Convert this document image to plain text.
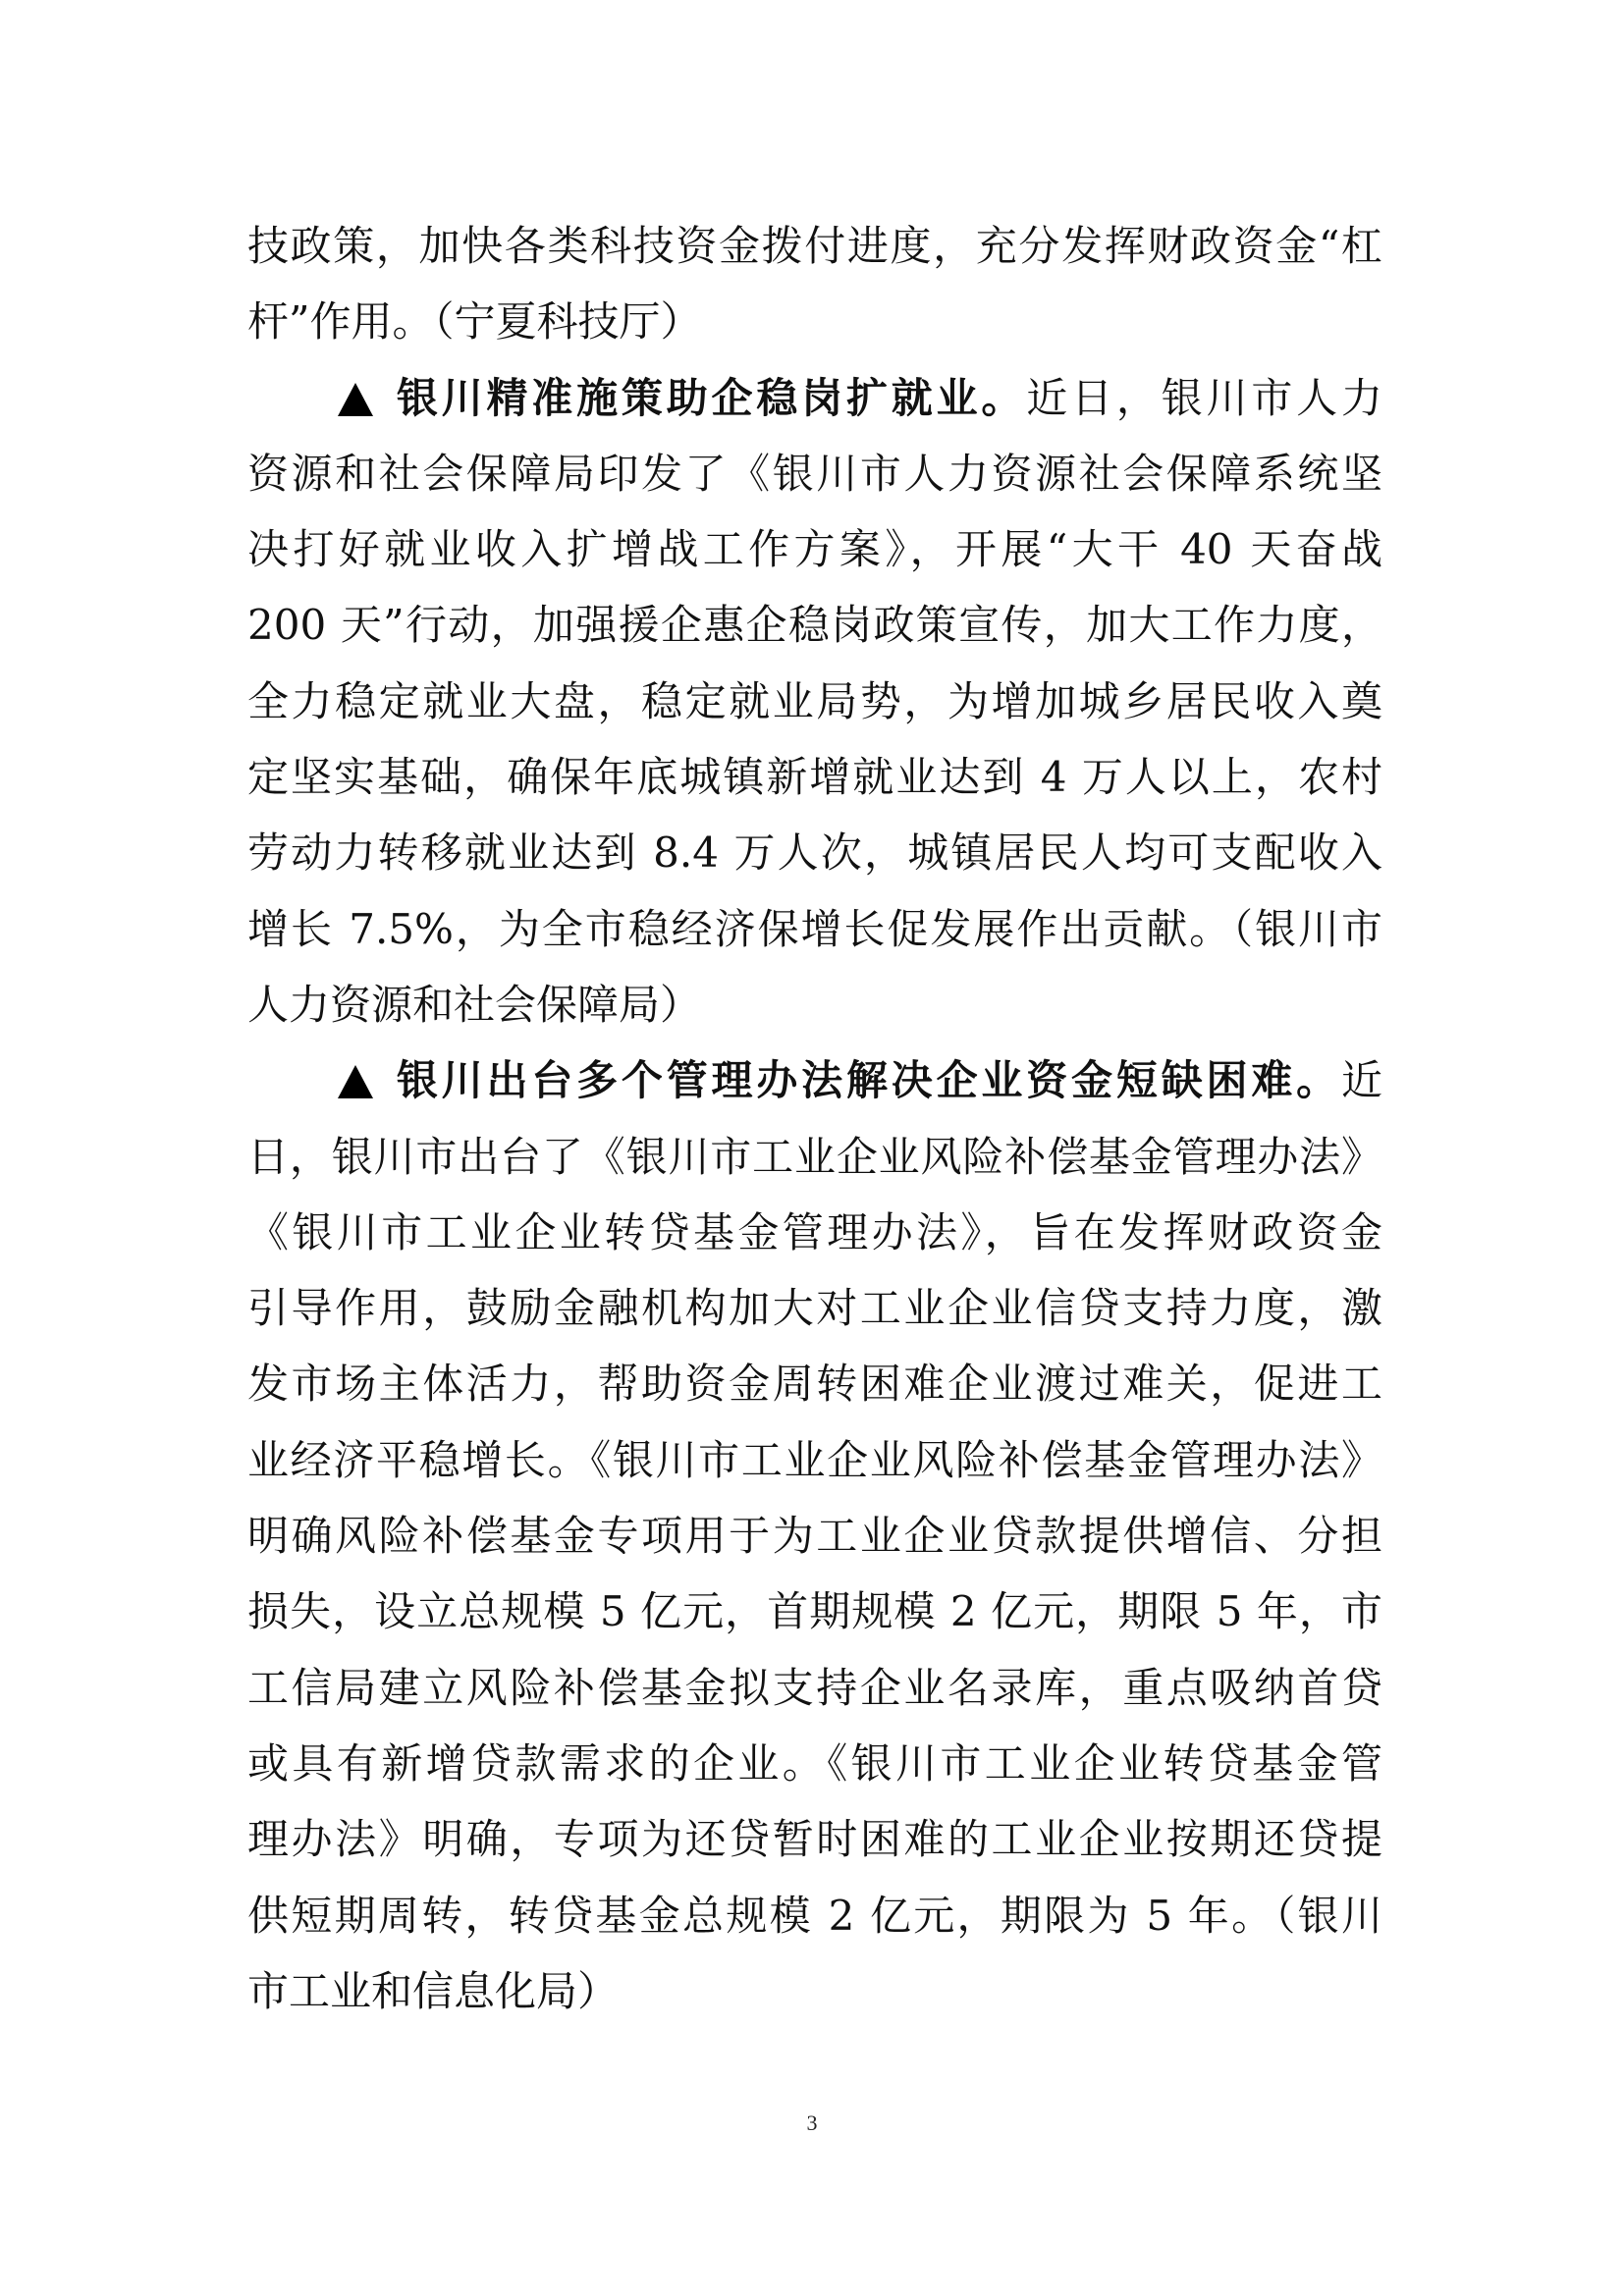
技政策，加快各类科技资金拨付进度，充分发挥财政资金“杠
杆”作用。（宁夏科技厅）
银川精准施策助企稳岗扩就业。近日，银川市人力
资源和社会保障局印发了《银川市人力资源社会保障系统坚
决打好就业收入扩增战工作方案》，开展“大干 40 天奋战
200 天”行动，加强援企惠企稳岗政策宣传，加大工作力度，
全力稳定就业大盘，稳定就业局势，为增加城乡居民收入奠
定坚实基础，确保年底城镇新增就业达到 4 万人以上，农村
劳动力转移就业达到 8.4 万人次，城镇居民人均可支配收入
增长 7.5%，为全市稳经济保增长促发展作出贡献。（银川市
人力资源和社会保障局）
银川出台多个管理办法解决企业资金短缺困难。近
日，银川市出台了《银川市工业企业风险补偿基金管理办法》
《银川市工业企业转贷基金管理办法》，旨在发挥财政资金
引导作用，鼓励金融机构加大对工业企业信贷支持力度，激
发市场主体活力，帮助资金周转困难企业渡过难关，促进工
业经济平稳增长。《银川市工业企业风险补偿基金管理办法》
明确风险补偿基金专项用于为工业企业贷款提供增信、分担
损失，设立总规模 5 亿元，首期规模 2 亿元，期限 5 年，市
工信局建立风险补偿基金拟支持企业名录库，重点吸纳首贷
或具有新增贷款需求的企业。《银川市工业企业转贷基金管
理办法》明确，专项为还贷暂时困难的工业企业按期还贷提
供短期周转，转贷基金总规模 2 亿元，期限为 5 年。（银川
市工业和信息化局）
3
